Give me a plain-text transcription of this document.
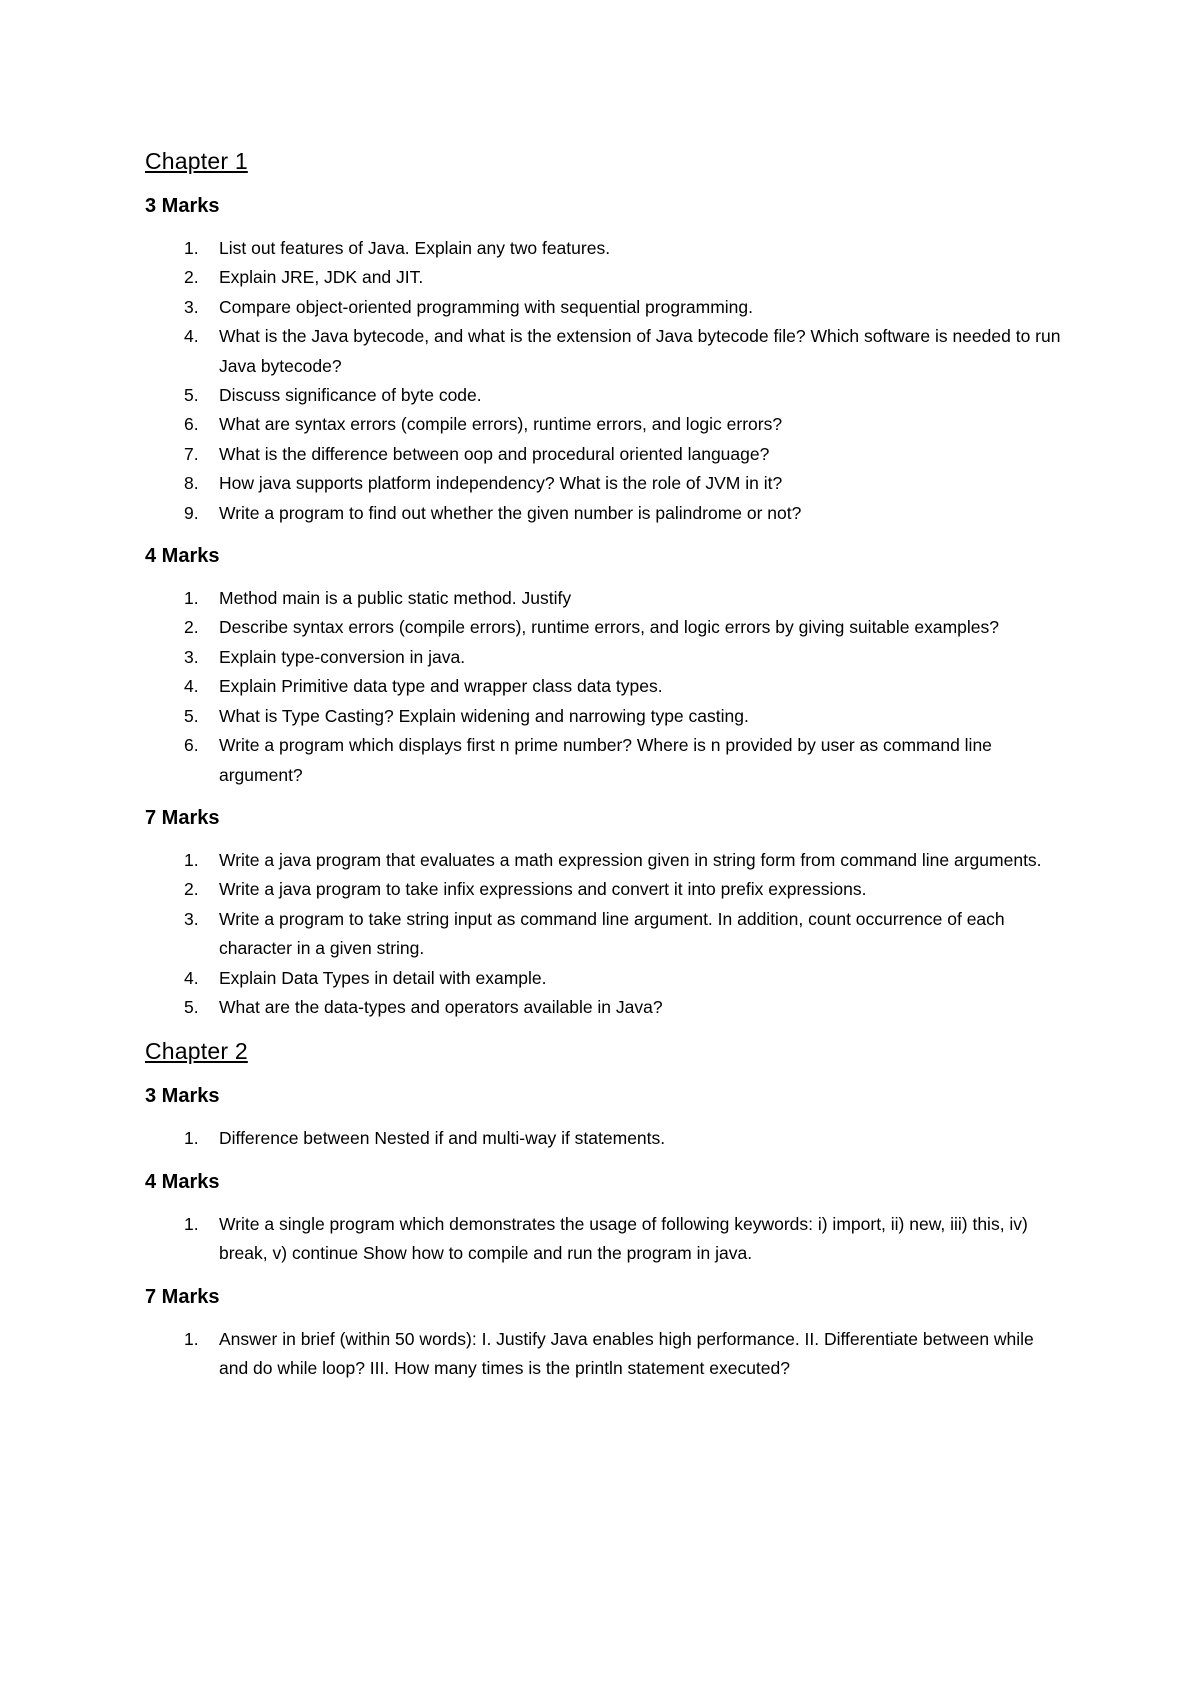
Chapter 1
3 Marks
1. List out features of Java. Explain any two features.
2. Explain JRE, JDK and JIT.
3. Compare object-oriented programming with sequential programming.
4. What is the Java bytecode, and what is the extension of Java bytecode file? Which software is needed to run Java bytecode?
5. Discuss significance of byte code.
6. What are syntax errors (compile errors), runtime errors, and logic errors?
7. What is the difference between oop and procedural oriented language?
8. How java supports platform independency? What is the role of JVM in it?
9. Write a program to find out whether the given number is palindrome or not?
4 Marks
1. Method main is a public static method. Justify
2. Describe syntax errors (compile errors), runtime errors, and logic errors by giving suitable examples?
3. Explain type-conversion in java.
4. Explain Primitive data type and wrapper class data types.
5. What is Type Casting? Explain widening and narrowing type casting.
6. Write a program which displays first n prime number? Where is n provided by user as command line argument?
7 Marks
1. Write a java program that evaluates a math expression given in string form from command line arguments.
2. Write a java program to take infix expressions and convert it into prefix expressions.
3. Write a program to take string input as command line argument. In addition, count occurrence of each character in a given string.
4. Explain Data Types in detail with example.
5. What are the data-types and operators available in Java?
Chapter 2
3 Marks
1. Difference between Nested if and multi-way if statements.
4 Marks
1. Write a single program which demonstrates the usage of following keywords: i) import, ii) new, iii) this, iv) break, v) continue Show how to compile and run the program in java.
7 Marks
1. Answer in brief (within 50 words): I. Justify Java enables high performance. II. Differentiate between while and do while loop? III. How many times is the println statement executed?
